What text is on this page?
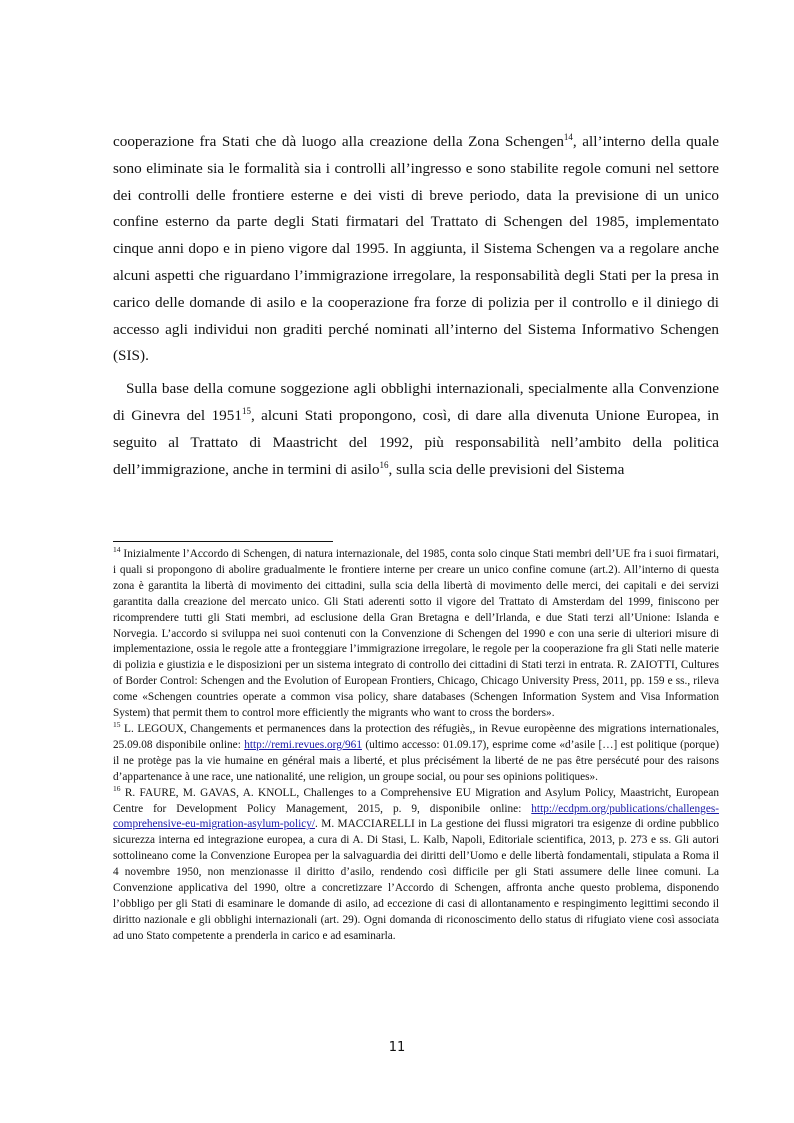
cooperazione fra Stati che dà luogo alla creazione della Zona Schengen$^{14}$, all’interno della quale sono eliminate sia le formalità sia i controlli all’ingresso e sono stabilite regole comuni nel settore dei controlli delle frontiere esterne e dei visti di breve periodo, data la previsione di un unico confine esterno da parte degli Stati firmatari del Trattato di Schengen del 1985, implementato cinque anni dopo e in pieno vigore dal 1995. In aggiunta, il Sistema Schengen va a regolare anche alcuni aspetti che riguardano l’immigrazione irregolare, la responsabilità degli Stati per la presa in carico delle domande di asilo e la cooperazione fra forze di polizia per il controllo e il diniego di accesso agli individui non graditi perché nominati all’interno del Sistema Informativo Schengen (SIS).

Sulla base della comune soggezione agli obblighi internazionali, specialmente alla Convenzione di Ginevra del 1951$^{15}$, alcuni Stati propongono, così, di dare alla divenuta Unione Europea, in seguito al Trattato di Maastricht del 1992, più responsabilità nell’ambito della politica dell’immigrazione, anche in termini di asilo$^{16}$, sulla scia delle previsioni del Sistema

$^{14}$ Inizialmente l’Accordo di Schengen, di natura internazionale, del 1985, conta solo cinque Stati membri dell’UE fra i suoi firmatari, i quali si propongono di abolire gradualmente le frontiere interne per creare un unico confine comune (art.2). All’interno di questa zona è garantita la libertà di movimento dei cittadini, sulla scia della libertà di movimento delle merci, dei capitali e dei servizi garantita dalla creazione del mercato unico. Gli Stati aderenti sotto il vigore del Trattato di Amsterdam del 1999, finiscono per ricomprendere tutti gli Stati membri, ad esclusione della Gran Bretagna e dell’Irlanda, e due Stati terzi all’Unione: Islanda e Norvegia. L’accordo si sviluppa nei suoi contenuti con la Convenzione di Schengen del 1990 e con una serie di ulteriori misure di implementazione, ossia le regole atte a fronteggiare l’immigrazione irregolare, le regole per la cooperazione fra gli Stati nelle materie di polizia e giustizia e le disposizioni per un sistema integrato di controllo dei cittadini di Stati terzi in entrata. R. ZAIOTTI, Cultures of Border Control: Schengen and the Evolution of European Frontiers, Chicago, Chicago University Press, 2011, pp. 159 e ss., rileva come «Schengen countries operate a common visa policy, share databases (Schengen Information System and Visa Information System) that permit them to control more efficiently the migrants who want to cross the borders».

$^{15}$ L. LEGOUX, Changements et permanences dans la protection des réfugiès,, in Revue europèenne des migrations internationales, 25.09.08 disponibile online: http://remi.revues.org/961 (ultimo accesso: 01.09.17), esprime come «d’asile […] est politique (porque) il ne protège pas la vie humaine en général mais a liberté, et plus précisément la liberté de ne pas être persécuté pour des raisons d’appartenance à une race, une nationalité, une religion, un groupe social, ou pour ses opinions politiques».

$^{16}$ R. FAURE, M. GAVAS, A. KNOLL, Challenges to a Comprehensive EU Migration and Asylum Policy, Maastricht, European Centre for Development Policy Management, 2015, p. 9, disponibile online: http://ecdpm.org/publications/challenges-comprehensive-eu-migration-asylum-policy/. M. MACCIARELLI in La gestione dei flussi migratori tra esigenze di ordine pubblico sicurezza interna ed integrazione europea, a cura di A. Di Stasi, L. Kalb, Napoli, Editoriale scientifica, 2013, p. 273 e ss. Gli autori sottolineano come la Convenzione Europea per la salvaguardia dei diritti dell’Uomo e delle libertà fondamentali, stipulata a Roma il 4 novembre 1950, non menzionasse il diritto d’asilo, rendendo così difficile per gli Stati assumere delle linee comuni. La Convenzione applicativa del 1990, oltre a concretizzare l’Accordo di Schengen, affronta anche questo problema, disponendo l’obbligo per gli Stati di esaminare le domande di asilo, ad eccezione di casi di allontanamento e respingimento legittimi secondo il diritto nazionale e gli obblighi internazionali (art. 29). Ogni domanda di riconoscimento dello status di rifugiato viene così associata ad uno Stato competente a prenderla in carico e ad esaminarla.

11
